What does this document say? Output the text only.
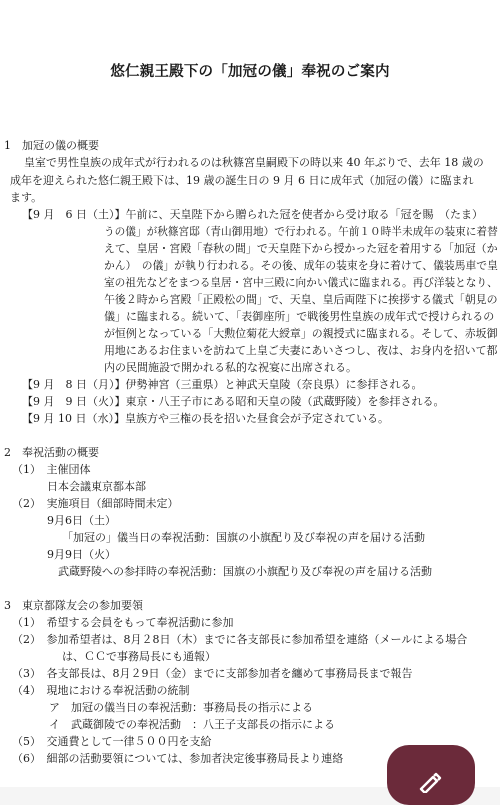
悠仁親王殿下の「加冠の儀」奉祝のご案内
1　加冠の儀の概要
皇室で男性皇族の成年式が行われるのは秋篠宮皇嗣殿下の時以来 40 年ぶりで、去年 18 歳の
成年を迎えられた悠仁親王殿下は、19 歳の誕生日の 9 月 6 日に成年式（加冠の儀）に臨まれ
ます。
【9 月　6 日（土）】午前に、天皇陛下から贈られた冠を使者から受け取る「冠を賜　（たま）
うの儀」が秋篠宮邸（青山御用地）で行われる。午前１０時半未成年の装束に着替
えて、皇居・宮殿「春秋の間」で天皇陛下から授かった冠を着用する「加冠（か
かん）　の儀」が執り行われる。その後、成年の装束を身に着けて、儀装馬車で皇
室の祖先などをまつる皇居・宮中三殿に向かい儀式に臨まれる。再び洋装となり、
午後２時から宮殿「正殿松の間」で、天皇、皇后両陛下に挨拶する儀式「朝見の
儀」に臨まれる。続いて、「表御座所」で戦後男性皇族の成年式で授けられるの
が恒例となっている「大勲位菊花大綬章」の親授式に臨まれる。そして、赤坂御
用地にあるお住まいを訪ねて上皇ご夫妻にあいさつし、夜は、お身内を招いて都
内の民間施設で開かれる私的な祝宴に出席される。
【9 月　8 日（月）】伊勢神宮（三重県）と神武天皇陵（奈良県）に参拝される。
【9 月　9 日（火）】東京・八王子市にある昭和天皇の陵（武蔵野陵）を参拝される。
【9 月 10 日（水）】皇族方や三権の長を招いた昼食会が予定されている。
2　奉祝活動の概要
（1）　主催団体
日本会議東京都本部
（2）　実施項目（細部時間未定）
9月6日（土）
「加冠の」儀当日の奉祝活動：国旗の小旗配り及び奉祝の声を届ける活動
9月9日（火）
武蔵野陵への参拝時の奉祝活動：国旗の小旗配り及び奉祝の声を届ける活動
3　東京都隊友会の参加要領
（1）　希望する会員をもって奉祝活動に参加
（2）　参加希望者は、8月２8日（木）までに各支部長に参加希望を連絡（メールによる場合
は、ＣＣで事務局長にも通報）
（3）　各支部長は、8月２9日（金）までに支部参加者を纏めて事務局長まで報告
（4）　現地における奉祝活動の統制
ア　加冠の儀当日の奉祝活動：事務局長の指示による
イ　武蔵御陵での奉祝活動　：八王子支部長の指示による
（5）　交通費として一律５００円を支給
（6）　細部の活動要領については、参加者決定後事務局長より連絡
